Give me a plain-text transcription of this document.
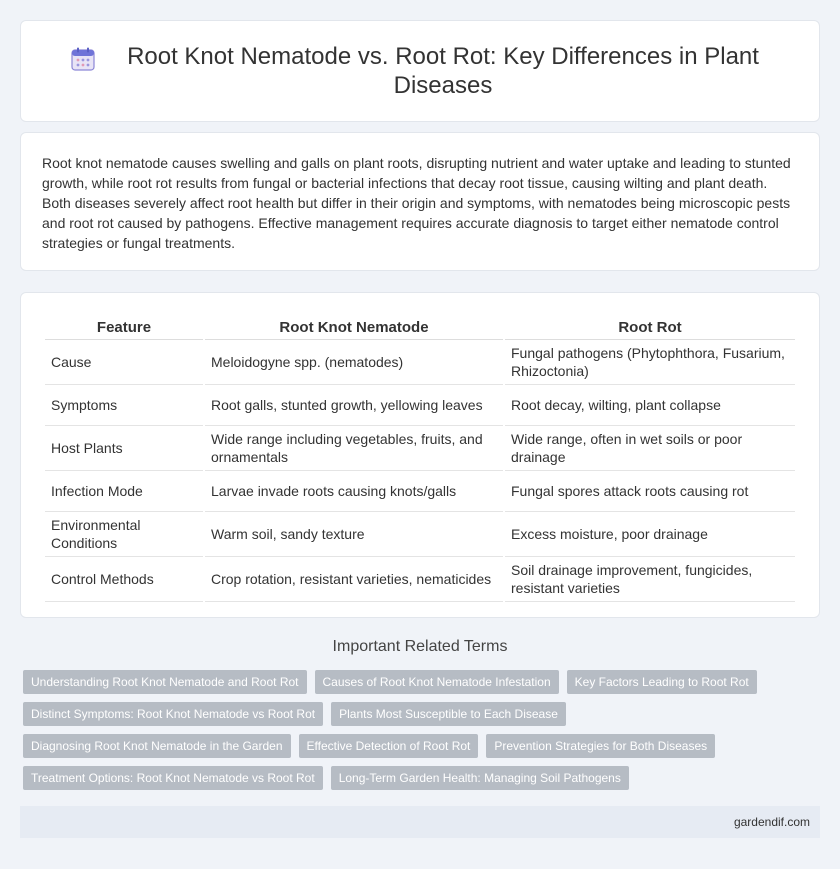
Root Knot Nematode vs. Root Rot: Key Differences in Plant Diseases

Root knot nematode causes swelling and galls on plant roots, disrupting nutrient and water uptake and leading to stunted growth, while root rot results from fungal or bacterial infections that decay root tissue, causing wilting and plant death. Both diseases severely affect root health but differ in their origin and symptoms, with nematodes being microscopic pests and root rot caused by pathogens. Effective management requires accurate diagnosis to target either nematode control strategies or fungal treatments.

Feature	Root Knot Nematode	Root Rot
Cause	Meloidogyne spp. (nematodes)	Fungal pathogens (Phytophthora, Fusarium, Rhizoctonia)
Symptoms	Root galls, stunted growth, yellowing leaves	Root decay, wilting, plant collapse
Host Plants	Wide range including vegetables, fruits, and ornamentals	Wide range, often in wet soils or poor drainage
Infection Mode	Larvae invade roots causing knots/galls	Fungal spores attack roots causing rot
Environmental Conditions	Warm soil, sandy texture	Excess moisture, poor drainage
Control Methods	Crop rotation, resistant varieties, nematicides	Soil drainage improvement, fungicides, resistant varieties
Important Related Terms
Understanding Root Knot Nematode and Root Rot	Causes of Root Knot Nematode Infestation	Key Factors Leading to Root Rot
Distinct Symptoms: Root Knot Nematode vs Root Rot	Plants Most Susceptible to Each Disease
Diagnosing Root Knot Nematode in the Garden	Effective Detection of Root Rot	Prevention Strategies for Both Diseases
Treatment Options: Root Knot Nematode vs Root Rot	Long-Term Garden Health: Managing Soil Pathogens
gardendif.com
